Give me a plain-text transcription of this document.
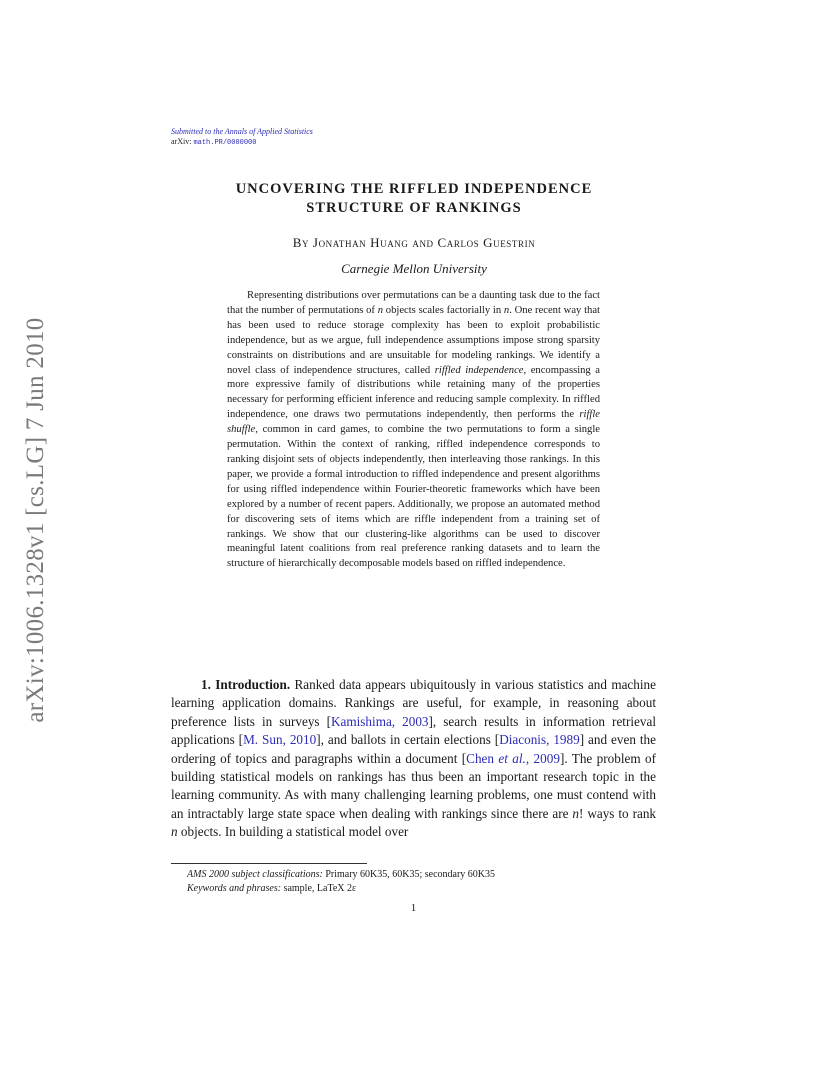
arXiv:1006.1328v1 [cs.LG] 7 Jun 2010
Submitted to the Annals of Applied Statistics
arXiv: math.PR/0000000
UNCOVERING THE RIFFLED INDEPENDENCE
STRUCTURE OF RANKINGS
By Jonathan Huang and Carlos Guestrin
Carnegie Mellon University

Representing distributions over permutations can be a daunting task due to the fact that the number of permutations of n objects scales factorially in n. One recent way that has been used to reduce storage complexity has been to exploit probabilistic independence, but as we argue, full independence assumptions impose strong sparsity constraints on distributions and are unsuitable for modeling rankings. We identify a novel class of independence structures, called riffled independence, encompassing a more expressive family of distributions while retaining many of the properties necessary for performing efficient inference and reducing sample complexity. In riffled independence, one draws two permutations independently, then performs the riffle shuffle, common in card games, to combine the two permutations to form a single permutation. Within the context of ranking, riffled independence corresponds to ranking disjoint sets of objects independently, then interleaving those rankings. In this paper, we provide a formal introduction to riffled independence and present algorithms for using riffled independence within Fourier-theoretic frameworks which have been explored by a number of recent papers. Additionally, we propose an automated method for discovering sets of items which are riffle independent from a training set of rankings. We show that our clustering-like algorithms can be used to discover meaningful latent coalitions from real preference ranking datasets and to learn the structure of hierarchically decomposable models based on riffled independence.

1. Introduction. Ranked data appears ubiquitously in various statistics and machine learning application domains. Rankings are useful, for example, in reasoning about preference lists in surveys [Kamishima, 2003], search results in information retrieval applications [M. Sun, 2010], and ballots in certain elections [Diaconis, 1989] and even the ordering of topics and paragraphs within a document [Chen et al., 2009]. The problem of building statistical models on rankings has thus been an important research topic in the learning community. As with many challenging learning problems, one must contend with an intractably large state space when dealing with rankings since there are n! ways to rank n objects. In building a statistical model over

AMS 2000 subject classifications: Primary 60K35, 60K35; secondary 60K35
Keywords and phrases: sample, LaTeX 2ε
1
